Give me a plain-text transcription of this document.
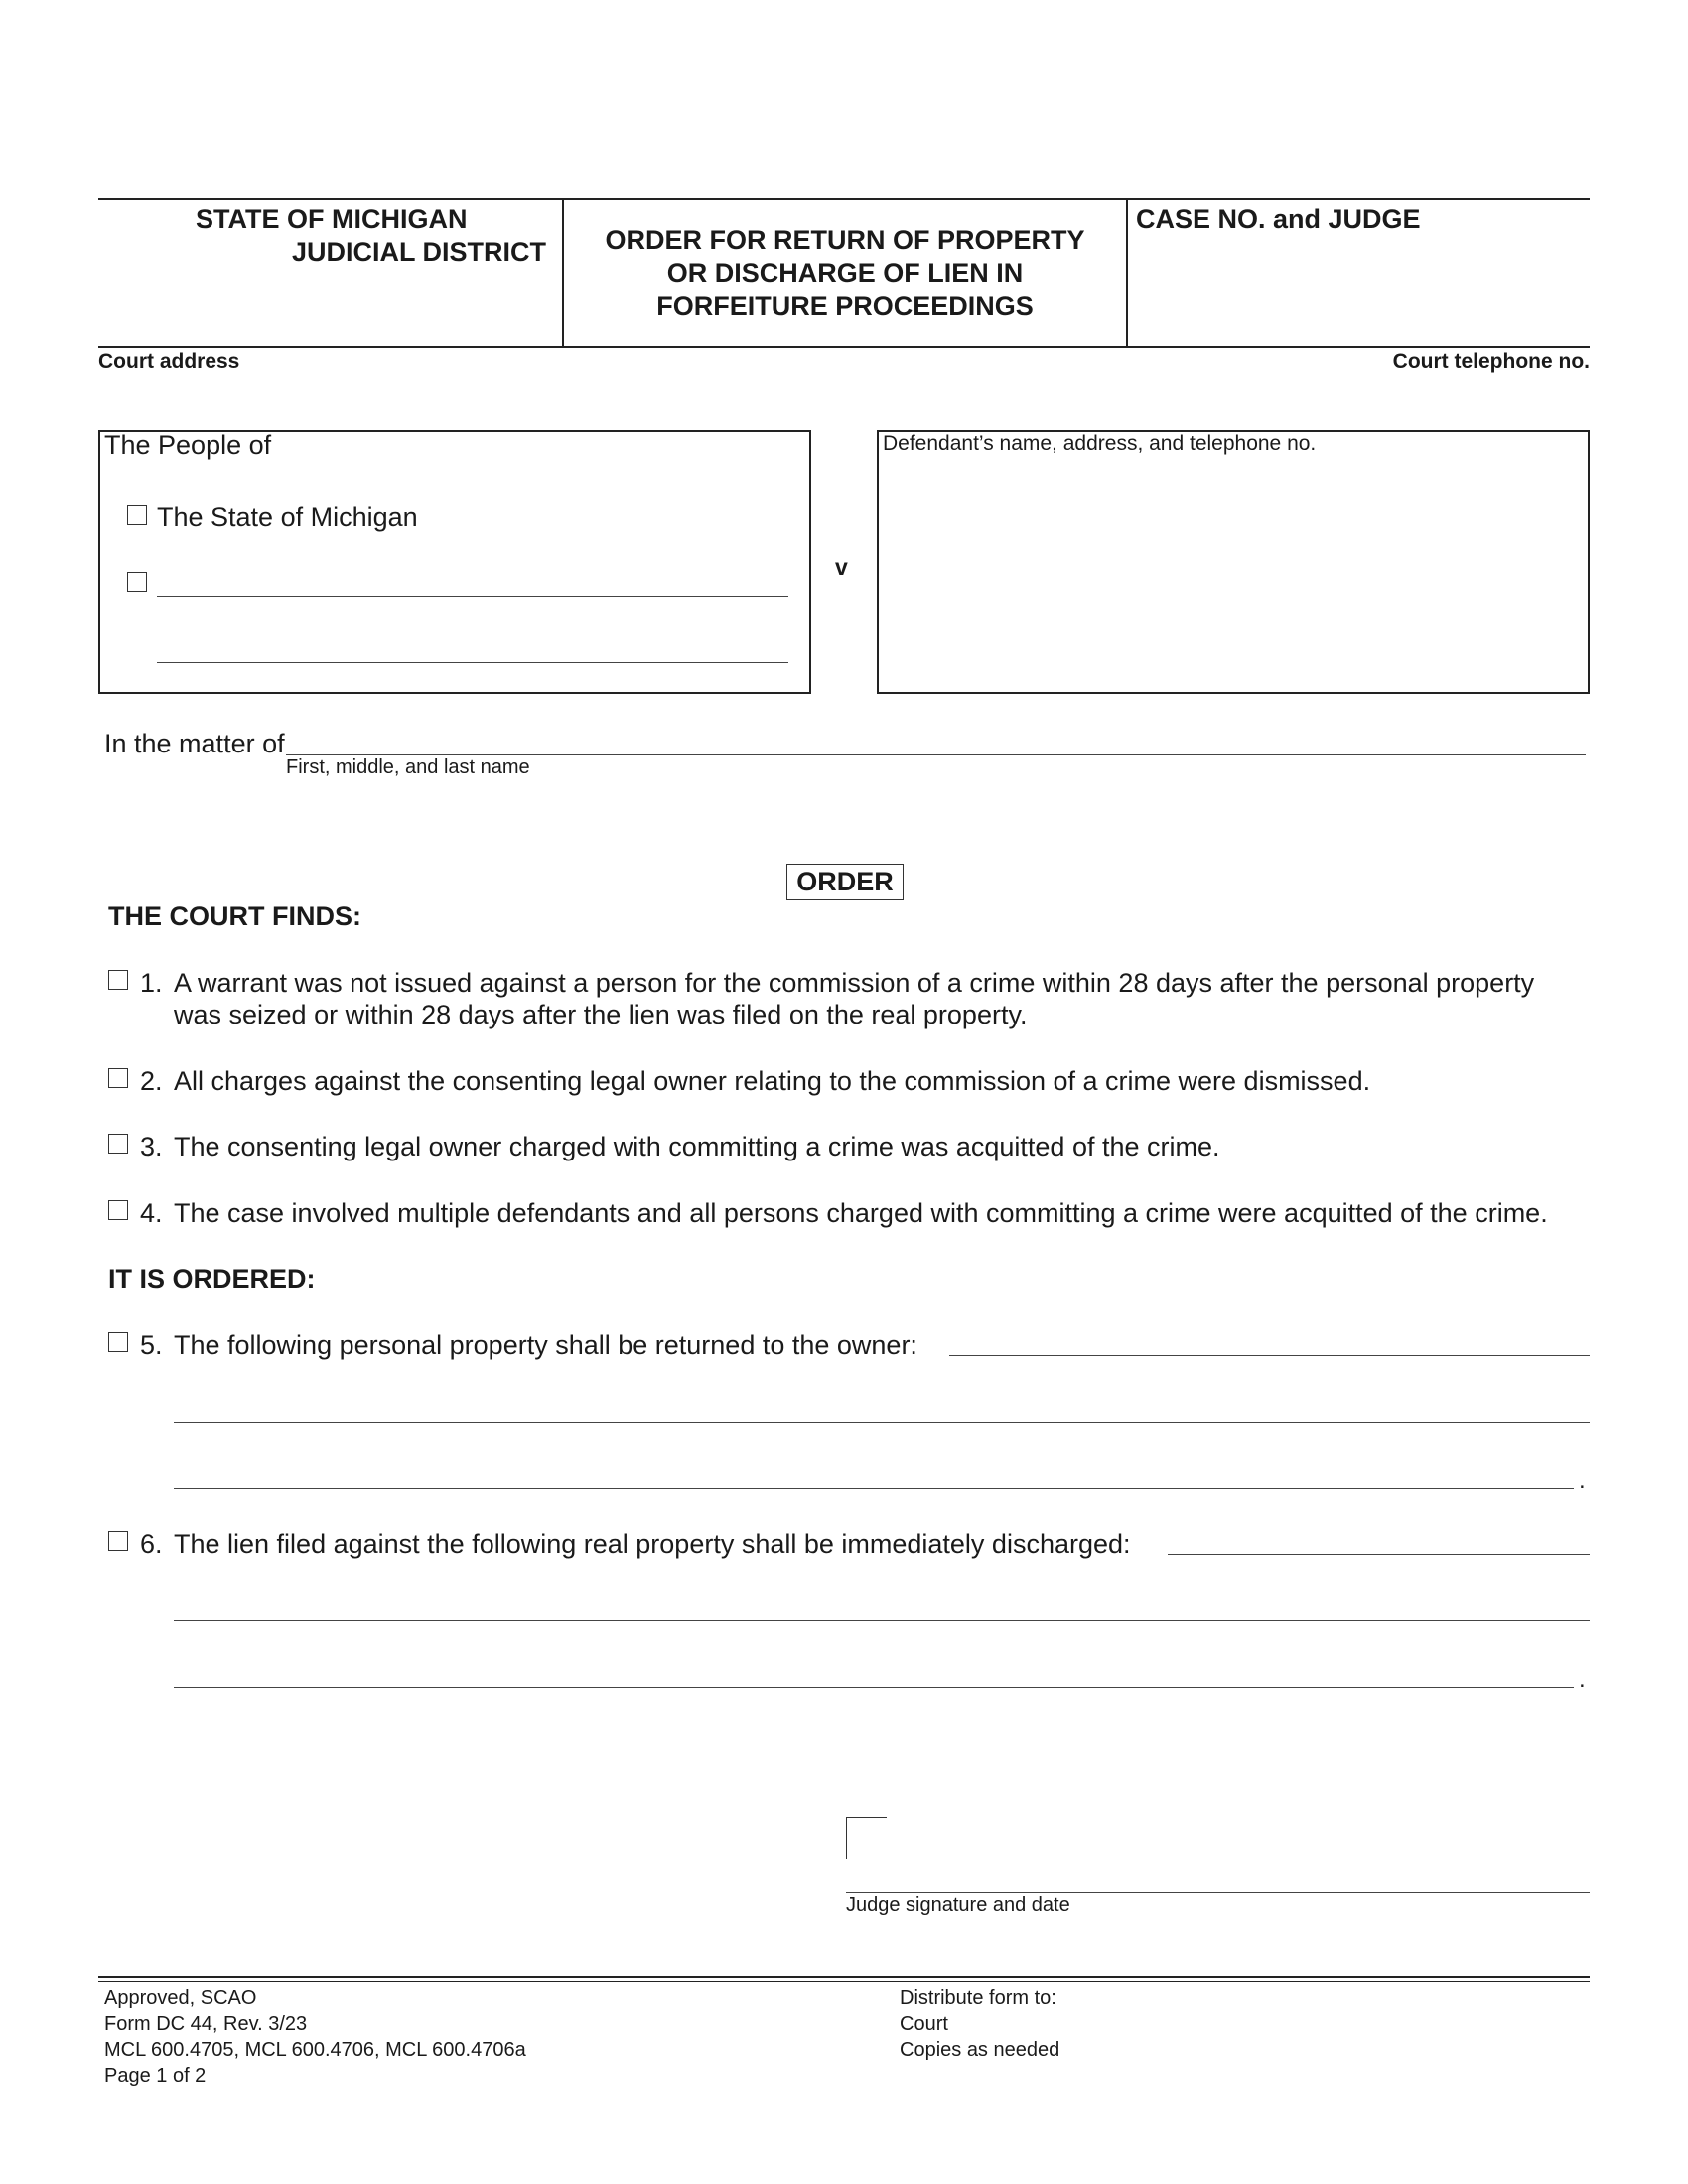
STATE OF MICHIGAN
JUDICIAL DISTRICT	ORDER FOR RETURN OF PROPERTY
OR DISCHARGE OF LIEN IN
FORFEITURE PROCEEDINGS
CASE NO. and JUDGE
Court address	Court telephone no.
The People of
The State of Michigan
v
Defendant’s name, address, and telephone no.
In the matter of
First, middle, and last name
ORDER
THE COURT FINDS:
1. A warrant was not issued against a person for the commission of a crime within 28 days after the personal property
was seized or within 28 days after the lien was filed on the real property.
2. All charges against the consenting legal owner relating to the commission of a crime were dismissed.
3. The consenting legal owner charged with committing a crime was acquitted of the crime.
4. The case involved multiple defendants and all persons charged with committing a crime were acquitted of the crime.
IT IS ORDERED:
5. The following personal property shall be returned to the owner:
.
6. The lien filed against the following real property shall be immediately discharged:
.
Judge signature and date
Approved, SCAO
Form DC 44, Rev. 3/23
MCL 600.4705, MCL 600.4706, MCL 600.4706a
Page 1 of 2
Distribute form to:
Court
Copies as needed
